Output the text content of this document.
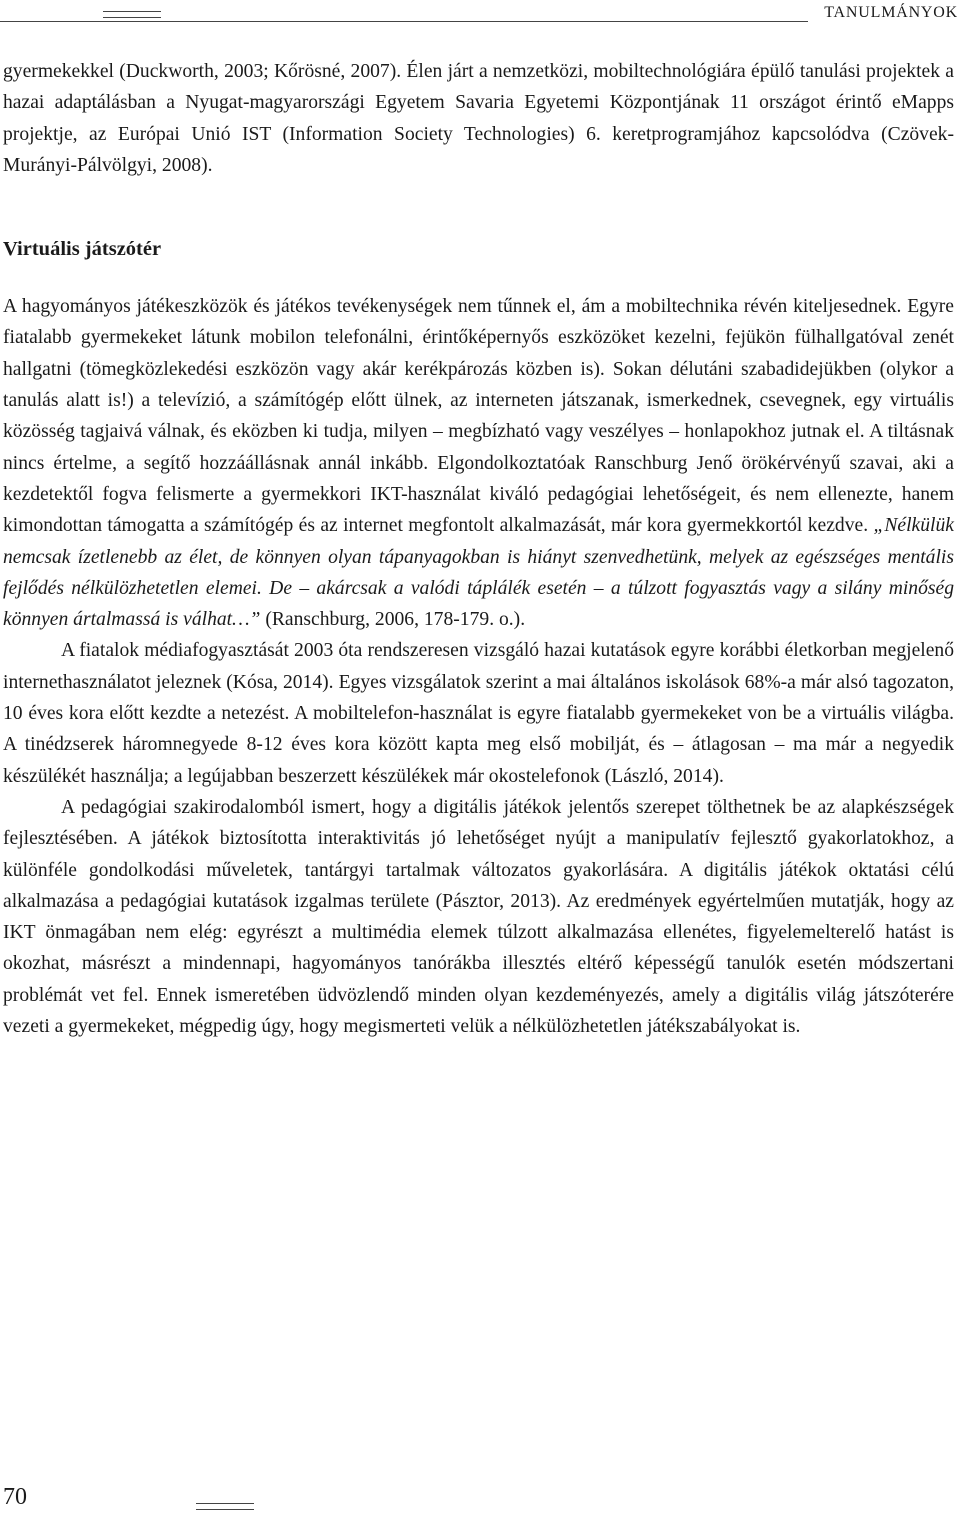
TANULMÁNYOK

gyermekekkel (Duckworth, 2003; Kőrösné, 2007). Élen járt a nemzetközi, mobiltechnológiára épülő tanulási projektek a hazai adaptálásban a Nyugat-magyarországi Egyetem Savaria Egyetemi Központjának 11 országot érintő eMapps projektje, az Európai Unió IST (Information Society Technologies) 6. keretprogramjához kapcsolódva (Czövek-Murányi-Pálvölgyi, 2008).

Virtuális játszótér

A hagyományos játékeszközök és játékos tevékenységek nem tűnnek el, ám a mobiltechnika révén kiteljesednek. Egyre fiatalabb gyermekeket látunk mobilon telefonálni, érintőképernyős eszközöket kezelni, fejükön fülhallgatóval zenét hallgatni (tömegközlekedési eszközön vagy akár kerékpározás közben is). Sokan délutáni szabadidejükben (olykor a tanulás alatt is!) a televízió, a számítógép előtt ülnek, az interneten játszanak, ismerkednek, csevegnek, egy virtuális közösség tagjaivá válnak, és eközben ki tudja, milyen – megbízható vagy veszélyes – honlapokhoz jutnak el. A tiltásnak nincs értelme, a segítő hozzáállásnak annál inkább. Elgondolkoztatóak Ranschburg Jenő örökérvényű szavai, aki a kezdetektől fogva felismerte a gyermekkori IKT-használat kiváló pedagógiai lehetőségeit, és nem ellenezte, hanem kimondottan támogatta a számítógép és az internet megfontolt alkalmazását, már kora gyermekkortól kezdve. „Nélkülük nemcsak ízetlenebb az élet, de könnyen olyan tápanyagokban is hiányt szenvedhetünk, melyek az egészséges mentális fejlődés nélkülözhetetlen elemei. De – akárcsak a valódi táplálék esetén – a túlzott fogyasztás vagy a silány minőség könnyen ártalmassá is válhat…” (Ranschburg, 2006, 178-179. o.).

A fiatalok médiafogyasztását 2003 óta rendszeresen vizsgáló hazai kutatások egyre korábbi életkorban megjelenő internethasználatot jeleznek (Kósa, 2014). Egyes vizsgálatok szerint a mai általános iskolások 68%-a már alsó tagozaton, 10 éves kora előtt kezdte a netezést. A mobiltelefon-használat is egyre fiatalabb gyermekeket von be a virtuális világba. A tinédzserek háromnegyede 8-12 éves kora között kapta meg első mobilját, és – átlagosan – ma már a negyedik készülékét használja; a legújabban beszerzett készülékek már okostelefonok (László, 2014).

A pedagógiai szakirodalomból ismert, hogy a digitális játékok jelentős szerepet tölthetnek be az alapkészségek fejlesztésében. A játékok biztosította interaktivitás jó lehetőséget nyújt a manipulatív fejlesztő gyakorlatokhoz, a különféle gondolkodási műveletek, tantárgyi tartalmak változatos gyakorlására. A digitális játékok oktatási célú alkalmazása a pedagógiai kutatások izgalmas területe (Pásztor, 2013). Az eredmények egyértelműen mutatják, hogy az IKT önmagában nem elég: egyrészt a multimédia elemek túlzott alkalmazása ellenétes, figyelemelterelő hatást is okozhat, másrészt a mindennapi, hagyományos tanórákba illesztés eltérő képességű tanulók esetén módszertani problémát vet fel. Ennek ismeretében üdvözlendő minden olyan kezdeményezés, amely a digitális világ játszóterére vezeti a gyermekeket, mégpedig úgy, hogy megismerteti velük a nélkülözhetetlen játékszabályokat is.

70
